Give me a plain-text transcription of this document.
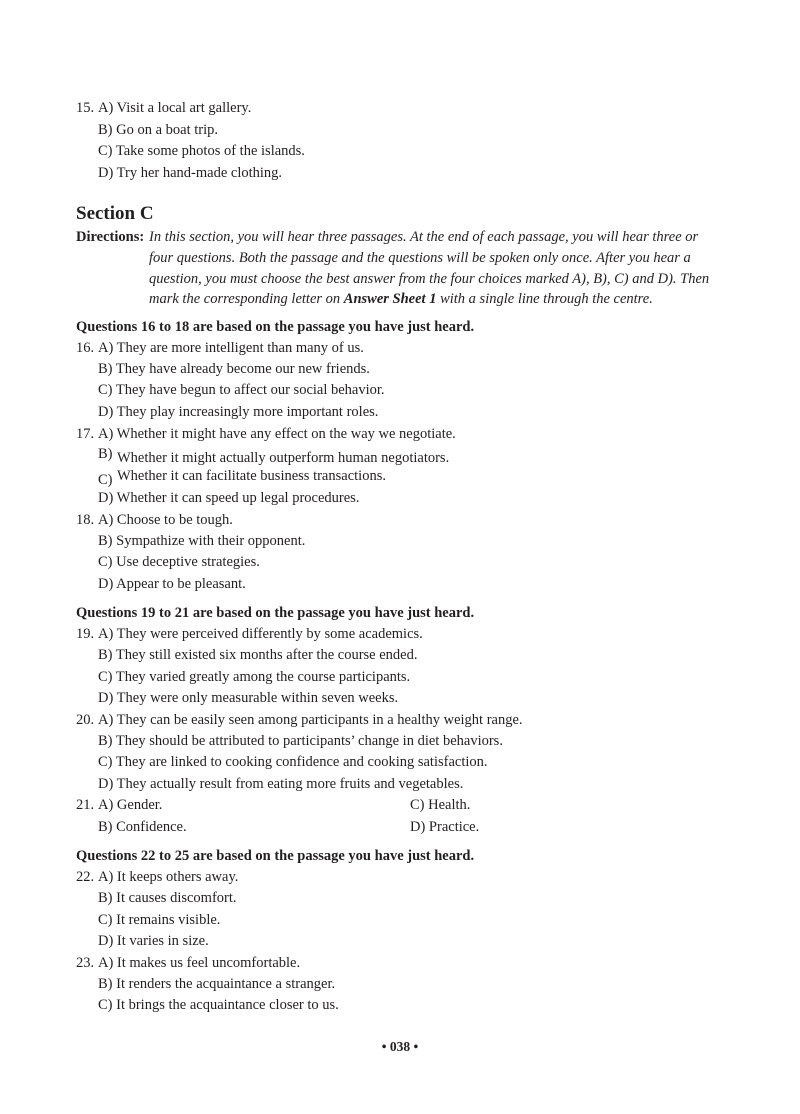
15. A) Visit a local art gallery.
B) Go on a boat trip.
C) Take some photos of the islands.
D) Try her hand-made clothing.
Section C
Directions: In this section, you will hear three passages. At the end of each passage, you will hear three or
four questions. Both the passage and the questions will be spoken only once. After you hear a
question, you must choose the best answer from the four choices marked A), B), C) and D). Then
mark the corresponding letter on Answer Sheet 1 with a single line through the centre.
Questions 16 to 18 are based on the passage you have just heard.
16. A) They are more intelligent than many of us.
B) They have already become our new friends.
C) They have begun to affect our social behavior.
D) They play increasingly more important roles.
17. A) Whether it might have any effect on the way we negotiate.
B) Whether it might actually outperform human negotiators.
C) Whether it can facilitate business transactions.
D) Whether it can speed up legal procedures.
18. A) Choose to be tough.
B) Sympathize with their opponent.
C) Use deceptive strategies.
D) Appear to be pleasant.
Questions 19 to 21 are based on the passage you have just heard.
19. A) They were perceived differently by some academics.
B) They still existed six months after the course ended.
C) They varied greatly among the course participants.
D) They were only measurable within seven weeks.
20. A) They can be easily seen among participants in a healthy weight range.
B) They should be attributed to participants’ change in diet behaviors.
C) They are linked to cooking confidence and cooking satisfaction.
D) They actually result from eating more fruits and vegetables.
21. A) Gender.	C) Health.
B) Confidence.	D) Practice.
Questions 22 to 25 are based on the passage you have just heard.
22. A) It keeps others away.
B) It causes discomfort.
C) It remains visible.
D) It varies in size.
23. A) It makes us feel uncomfortable.
B) It renders the acquaintance a stranger.
C) It brings the acquaintance closer to us.
• 038 •
